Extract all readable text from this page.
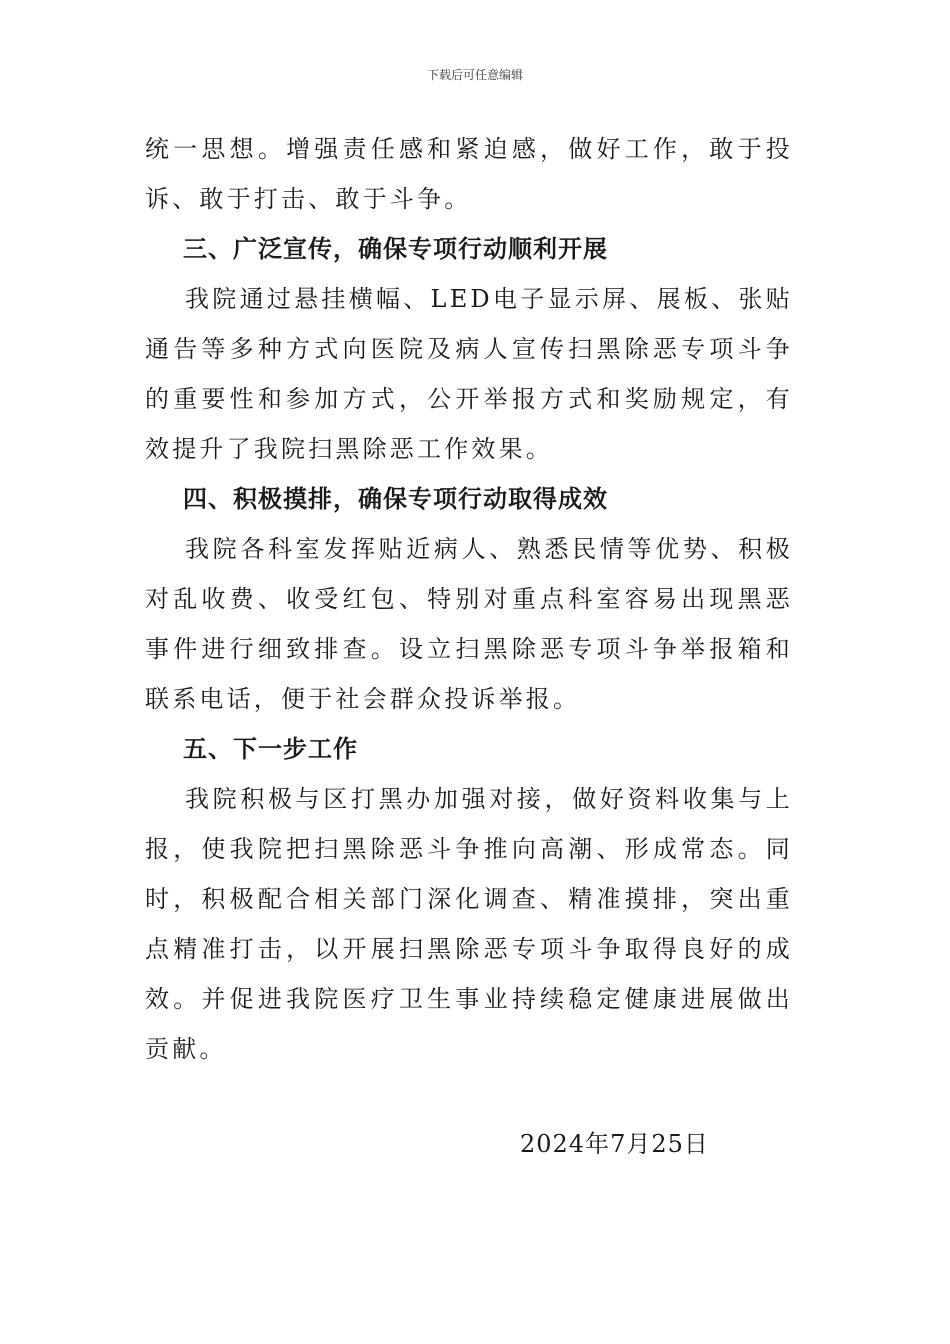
下载后可任意编辑

统一思想。增强责任感和紧迫感，做好工作，敢于投诉、敢于打击、敢于斗争。

三、广泛宣传，确保专项行动顺利开展

我院通过悬挂横幅、LED电子显示屏、展板、张贴通告等多种方式向医院及病人宣传扫黑除恶专项斗争的重要性和参加方式，公开举报方式和奖励规定，有效提升了我院扫黑除恶工作效果。

四、积极摸排，确保专项行动取得成效

我院各科室发挥贴近病人、熟悉民情等优势、积极对乱收费、收受红包、特别对重点科室容易出现黑恶事件进行细致排查。设立扫黑除恶专项斗争举报箱和联系电话，便于社会群众投诉举报。

五、下一步工作

我院积极与区打黑办加强对接，做好资料收集与上报，使我院把扫黑除恶斗争推向高潮、形成常态。同时，积极配合相关部门深化调查、精准摸排，突出重点精准打击，以开展扫黑除恶专项斗争取得良好的成效。并促进我院医疗卫生事业持续稳定健康进展做出贡献。

2024年7月25日
